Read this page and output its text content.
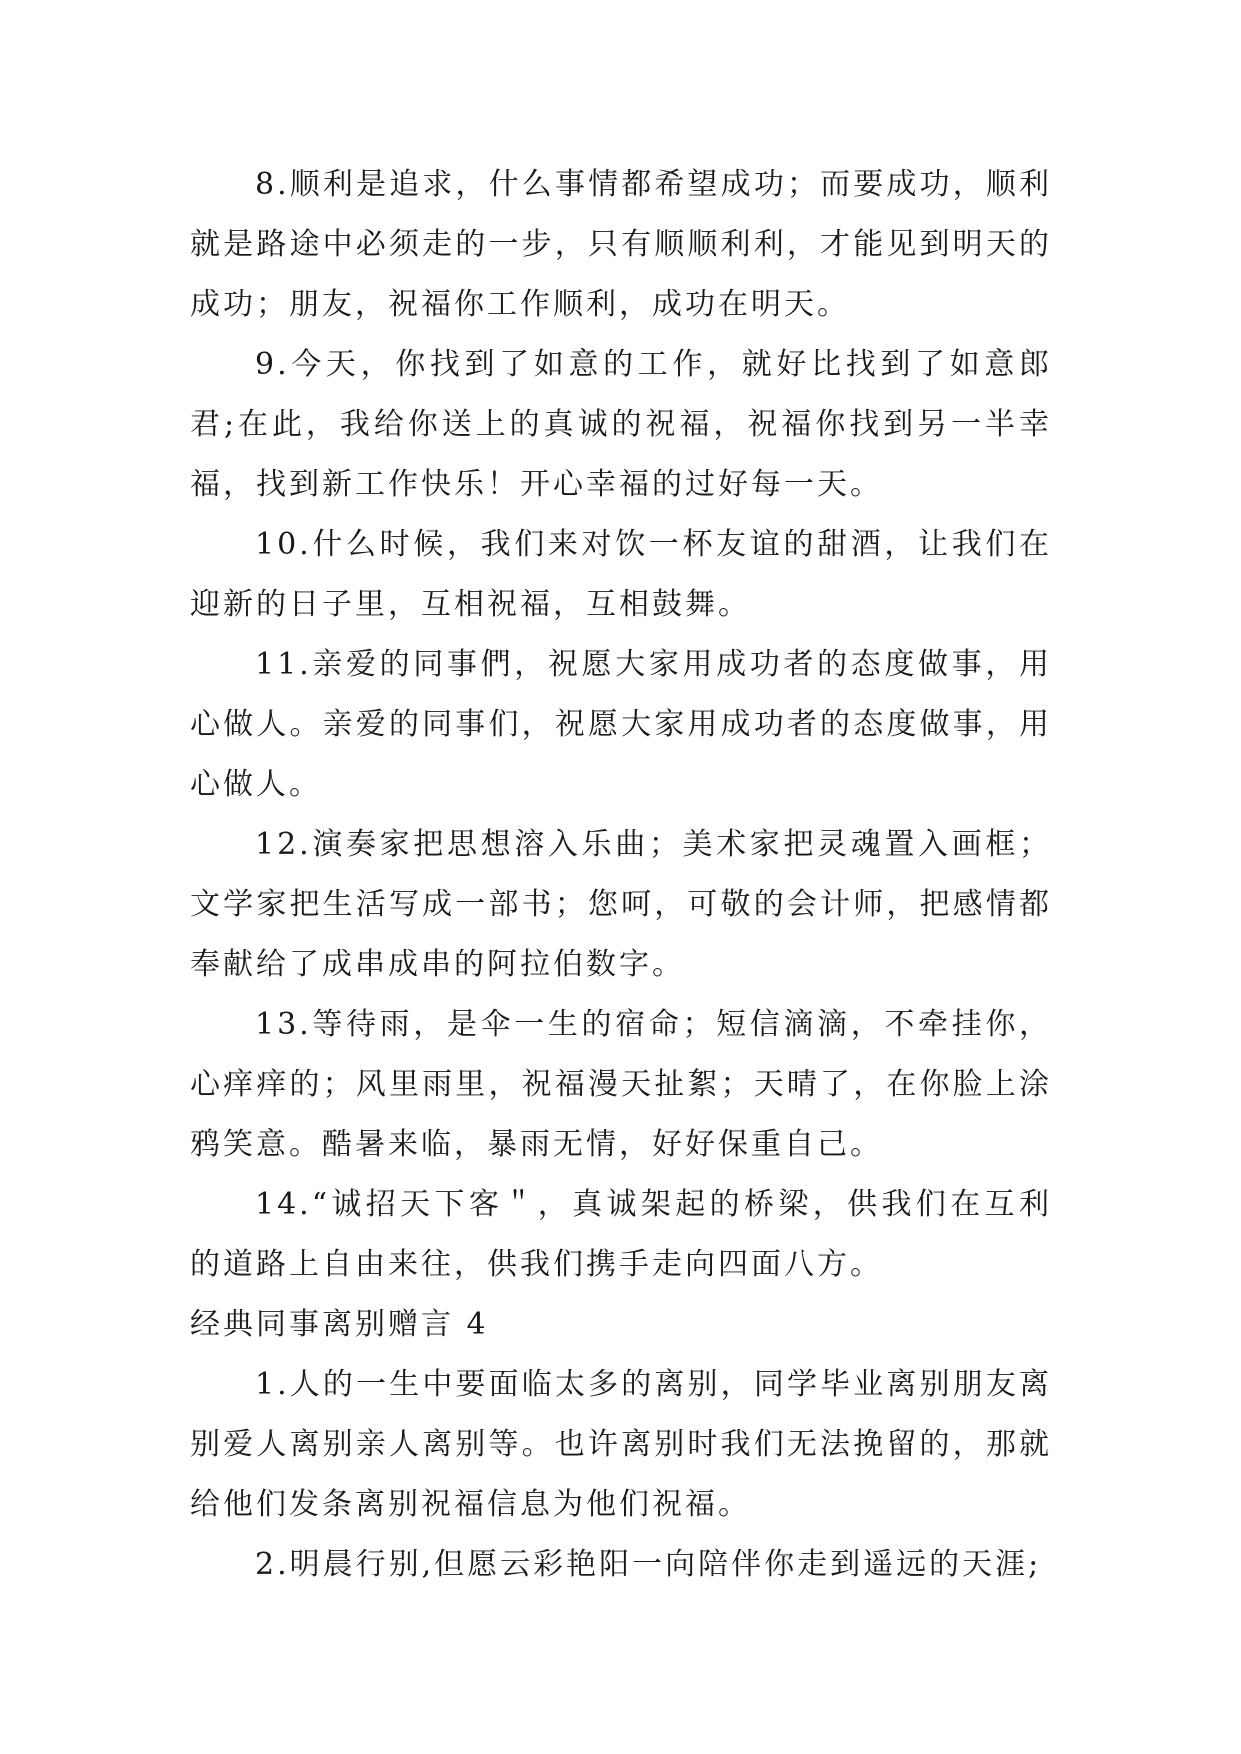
8.顺利是追求，什么事情都希望成功；而要成功，顺利就是路途中必须走的一步，只有顺顺利利，才能见到明天的成功；朋友，祝福你工作顺利，成功在明天。

9.今天，你找到了如意的工作，就好比找到了如意郎君;在此，我给你送上的真诚的祝福，祝福你找到另一半幸福，找到新工作快乐！开心幸福的过好每一天。

10.什么时候，我们来对饮一杯友谊的甜酒，让我们在迎新的日子里，互相祝福，互相鼓舞。

11.亲爱的同事們，祝愿大家用成功者的态度做事，用心做人。亲爱的同事们，祝愿大家用成功者的态度做事，用心做人。

12.演奏家把思想溶入乐曲；美术家把灵魂置入画框；文学家把生活写成一部书；您呵，可敬的会计师，把感情都奉献给了成串成串的阿拉伯数字。

13.等待雨，是伞一生的宿命；短信滴滴，不牵挂你，心痒痒的；风里雨里，祝福漫天扯絮；天晴了，在你脸上涂鸦笑意。酷暑来临，暴雨无情，好好保重自己。

14.“诚招天下客＂，真诚架起的桥梁，供我们在互利的道路上自由来往，供我们携手走向四面八方。

经典同事离别赠言 4

1.人的一生中要面临太多的离别，同学毕业离别朋友离别爱人离别亲人离别等。也许离别时我们无法挽留的，那就给他们发条离别祝福信息为他们祝福。

2.明晨行别,但愿云彩艳阳一向陪伴你走到遥远的天涯;
